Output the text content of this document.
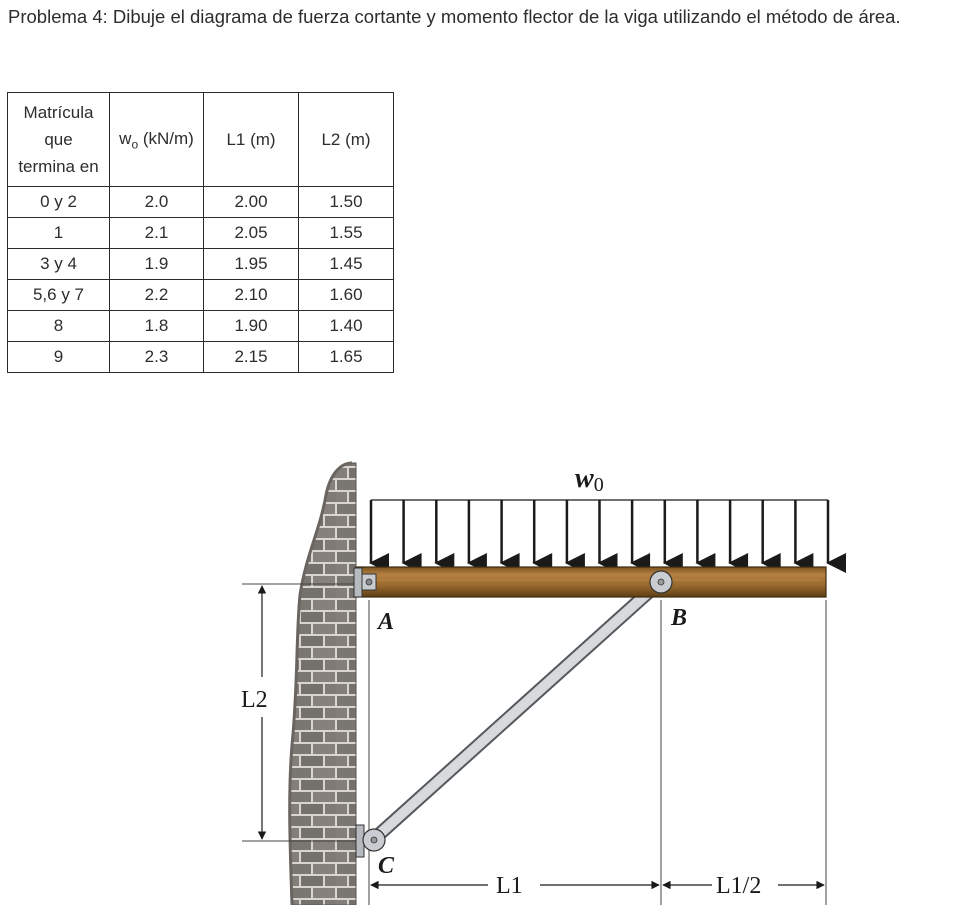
Problema 4: Dibuje el diagrama de fuerza cortante y momento flector de la viga utilizando el método de área.
Matrícula
que
termina en	$w_o$ (kN/m)	L1 (m)	L2 (m)
0 y 2	2.0	2.00	1.50
1	2.1	2.05	1.55
3 y 4	1.9	1.95	1.45
5,6 y 7	2.2	2.10	1.60
8	1.8	1.90	1.40
9	2.3	2.15	1.65
w0
L2
A	B
C
L1	L1/2
